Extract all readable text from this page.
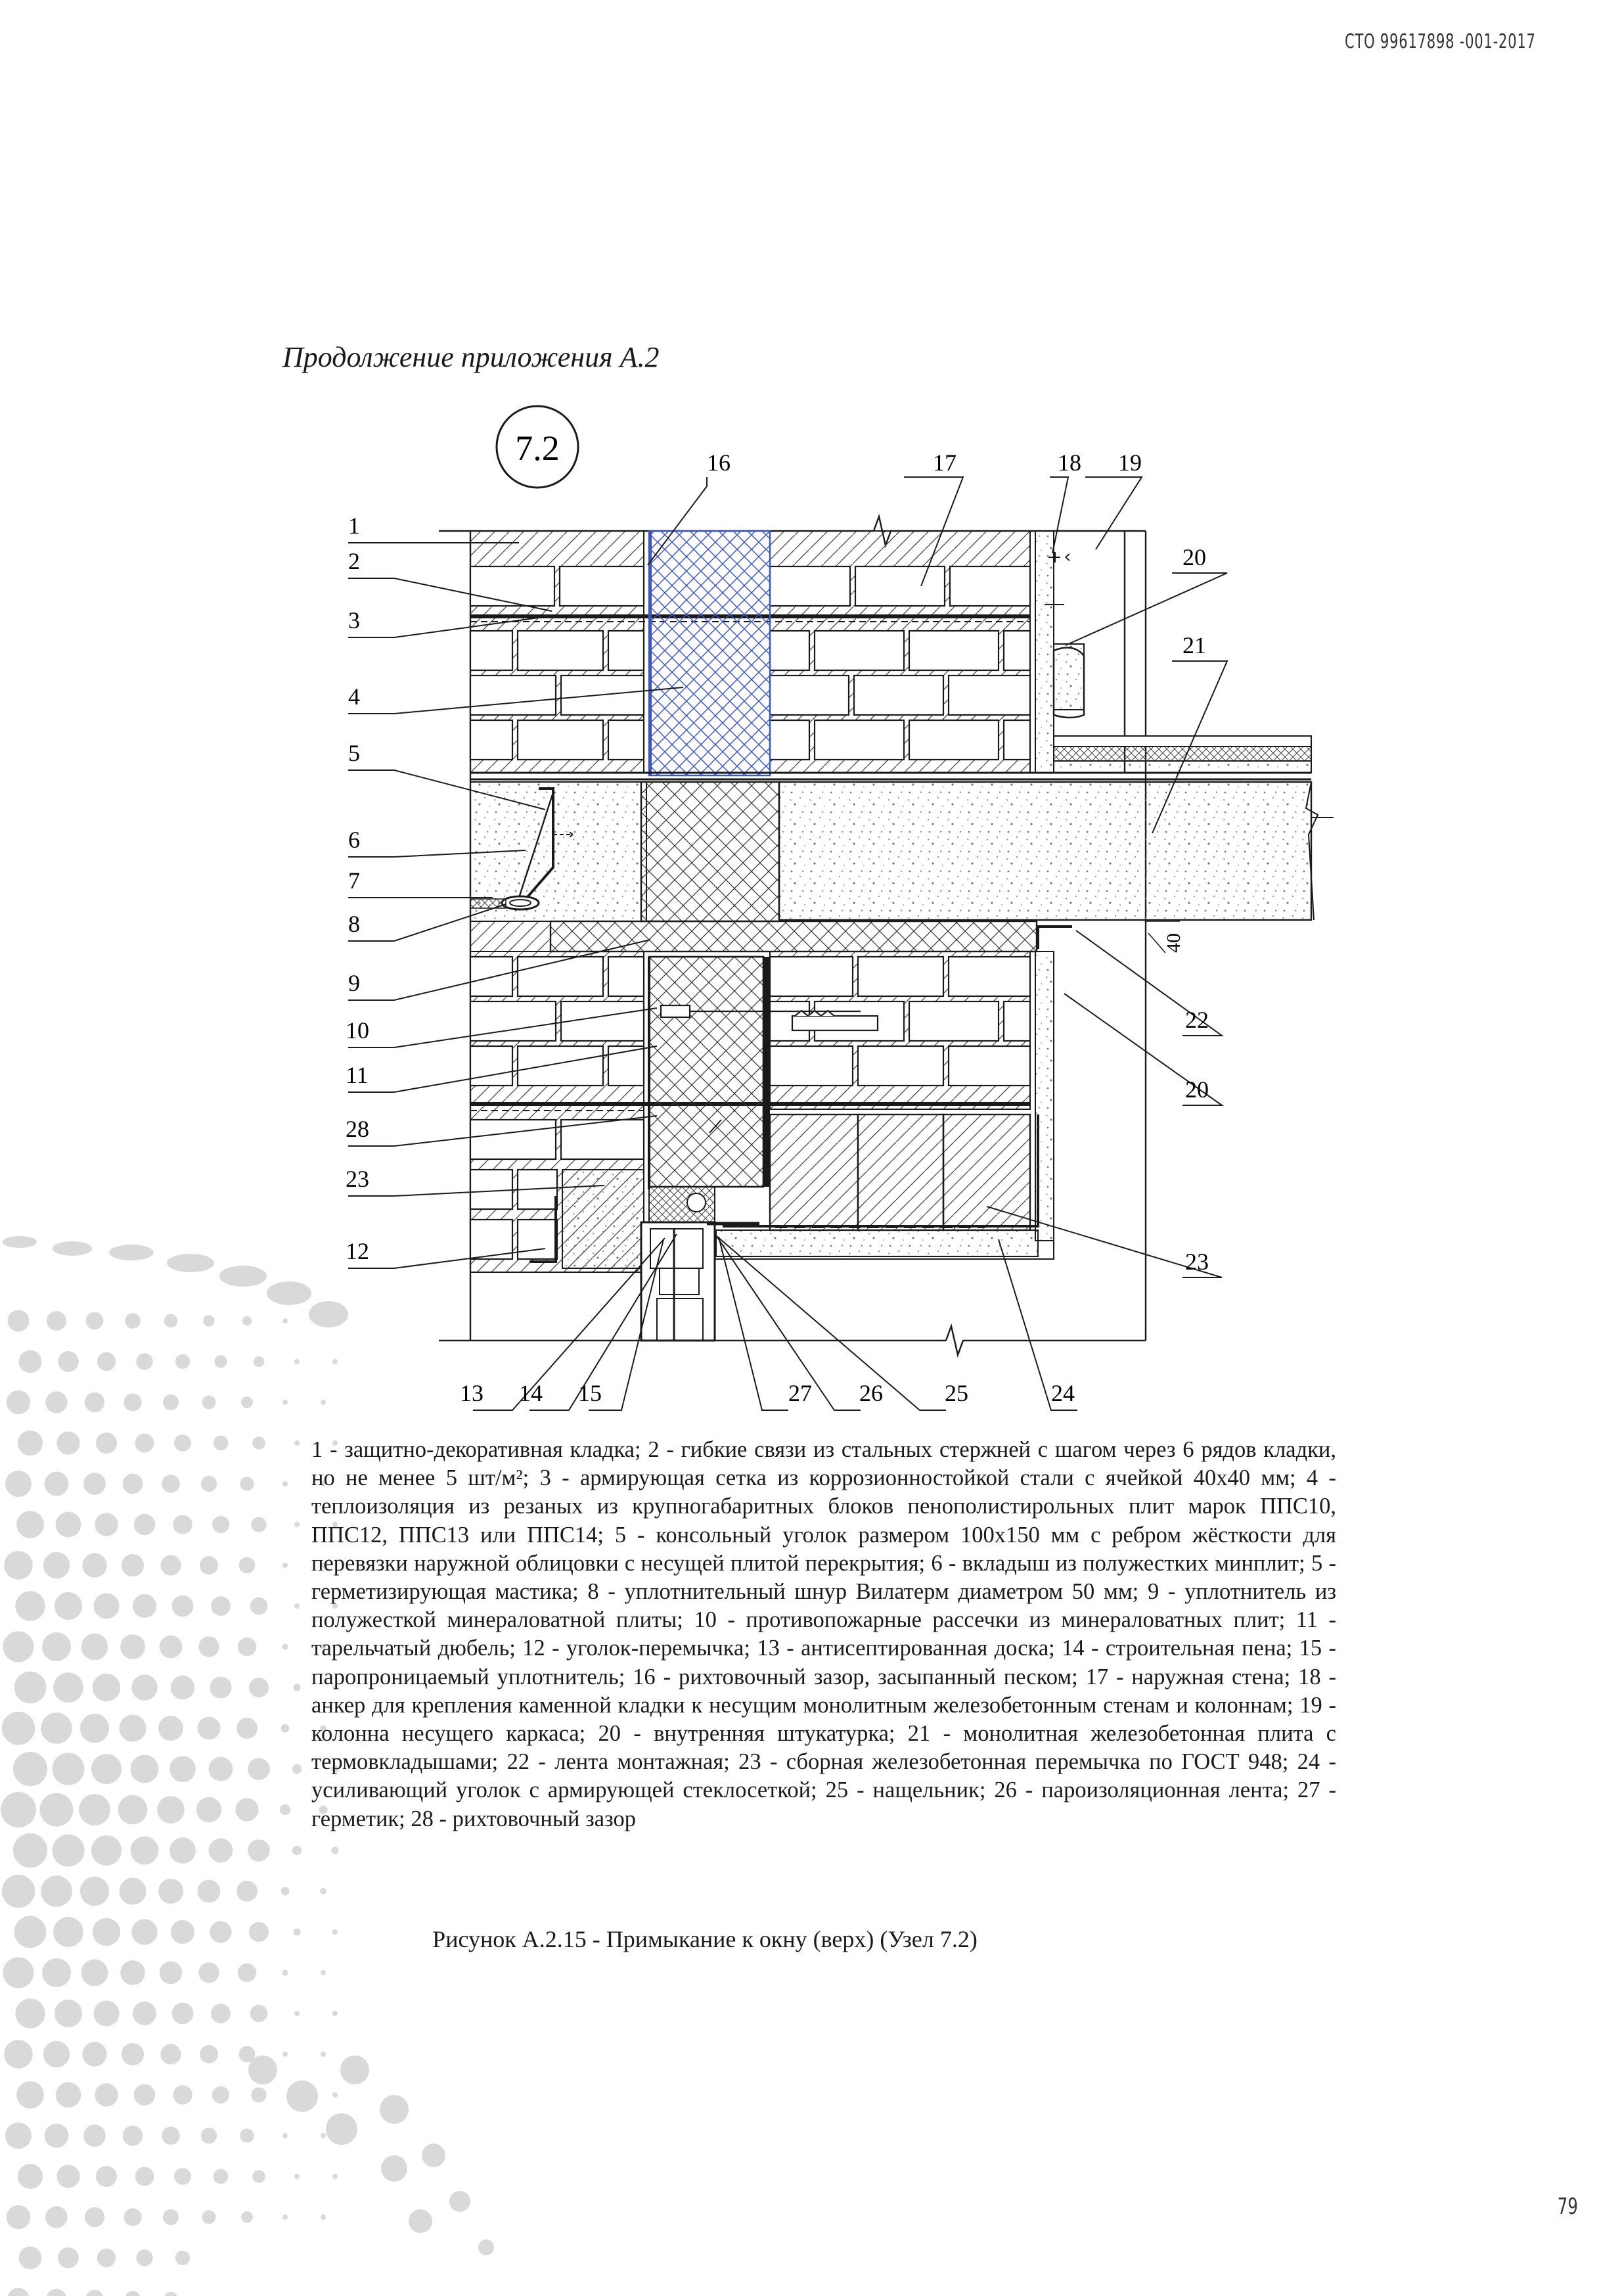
СТО 99617898 -001-2017
Продолжение приложения А.2
7.2
40
1
2
3
4
5
6
7
8
9
10
11
28
23
12
16	17	18 19
20
21
22
20
23
13 14 15	27 26	25	24
1 - защитно-декоративная кладка; 2 - гибкие связи из стальных стержней с шагом через 6 рядов кладки, но не менее 5 шт/м²; 3 - армирующая сетка из коррозионностойкой стали с ячейкой 40х40 мм; 4 - теплоизоляция из резаных из крупногабаритных блоков пенополистирольных плит марок ППС10, ППС12, ППС13 или ППС14; 5 - консольный уголок размером 100х150 мм с ребром жёсткости для перевязки наружной облицовки с несущей плитой перекрытия; 6 - вкладыш из полужестких минплит; 5 - герметизирующая мастика; 8 - уплотнительный шнур Вилатерм диаметром 50 мм; 9 - уплотнитель из полужесткой минераловатной плиты; 10 - противопожарные рассечки из минераловатных плит; 11 - тарельчатый дюбель; 12 - уголок-перемычка; 13 - антисептированная доска; 14 - строительная пена; 15 - паропроницаемый уплотнитель; 16 - рихтовочный зазор, засыпанный песком; 17 - наружная стена; 18 - анкер для крепления каменной кладки к несущим монолитным железобетонным стенам и колоннам; 19 - колонна несущего каркаса; 20 - внутренняя штукатурка; 21 - монолитная железобетонная плита с термовкладышами; 22 - лента монтажная; 23 - сборная железобетонная перемычка по ГОСТ 948; 24 - усиливающий уголок с армирующей стеклосеткой; 25 - нащельник; 26 - пароизоляционная лента; 27 - герметик; 28 - рихтовочный зазор
Рисунок А.2.15 - Примыкание к окну (верх) (Узел 7.2)
79
